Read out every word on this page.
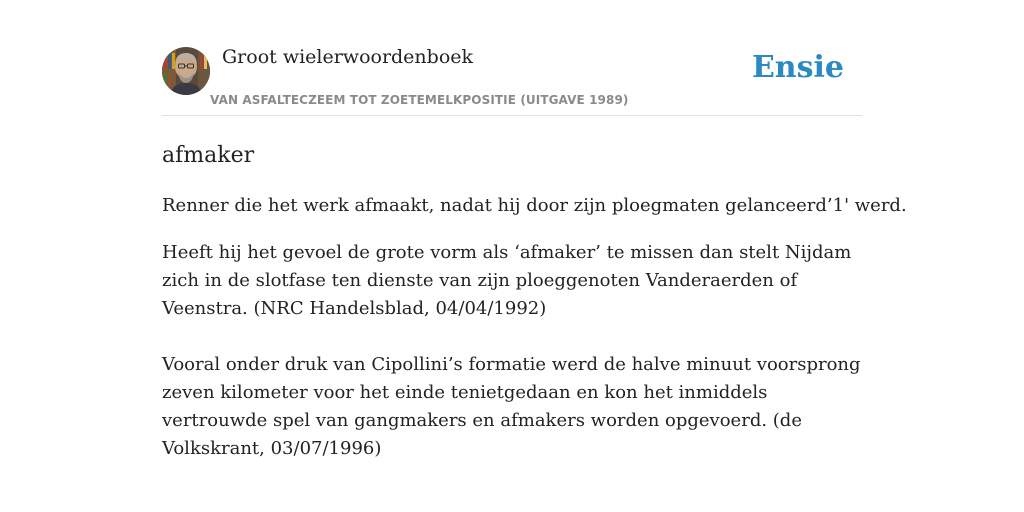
Groot wielerwoordenboek
VAN ASFALTECZEEM TOT ZOETEMELKPOSITIE (UITGAVE 1989)
Ensie
afmaker

Renner die het werk afmaakt, nadat hij door zijn ploegmaten gelanceerd’1' werd.

Heeft hij het gevoel de grote vorm als ‘afmaker’ te missen dan stelt Nijdam zich in de slotfase ten dienste van zijn ploeggenoten Vanderaerden of Veenstra. (NRC Handelsblad, 04/04/1992)

Vooral onder druk van Cipollini’s formatie werd de halve minuut voorsprong zeven kilometer voor het einde tenietgedaan en kon het inmiddels vertrouwde spel van gangmakers en afmakers worden opgevoerd. (de Volkskrant, 03/07/1996)
